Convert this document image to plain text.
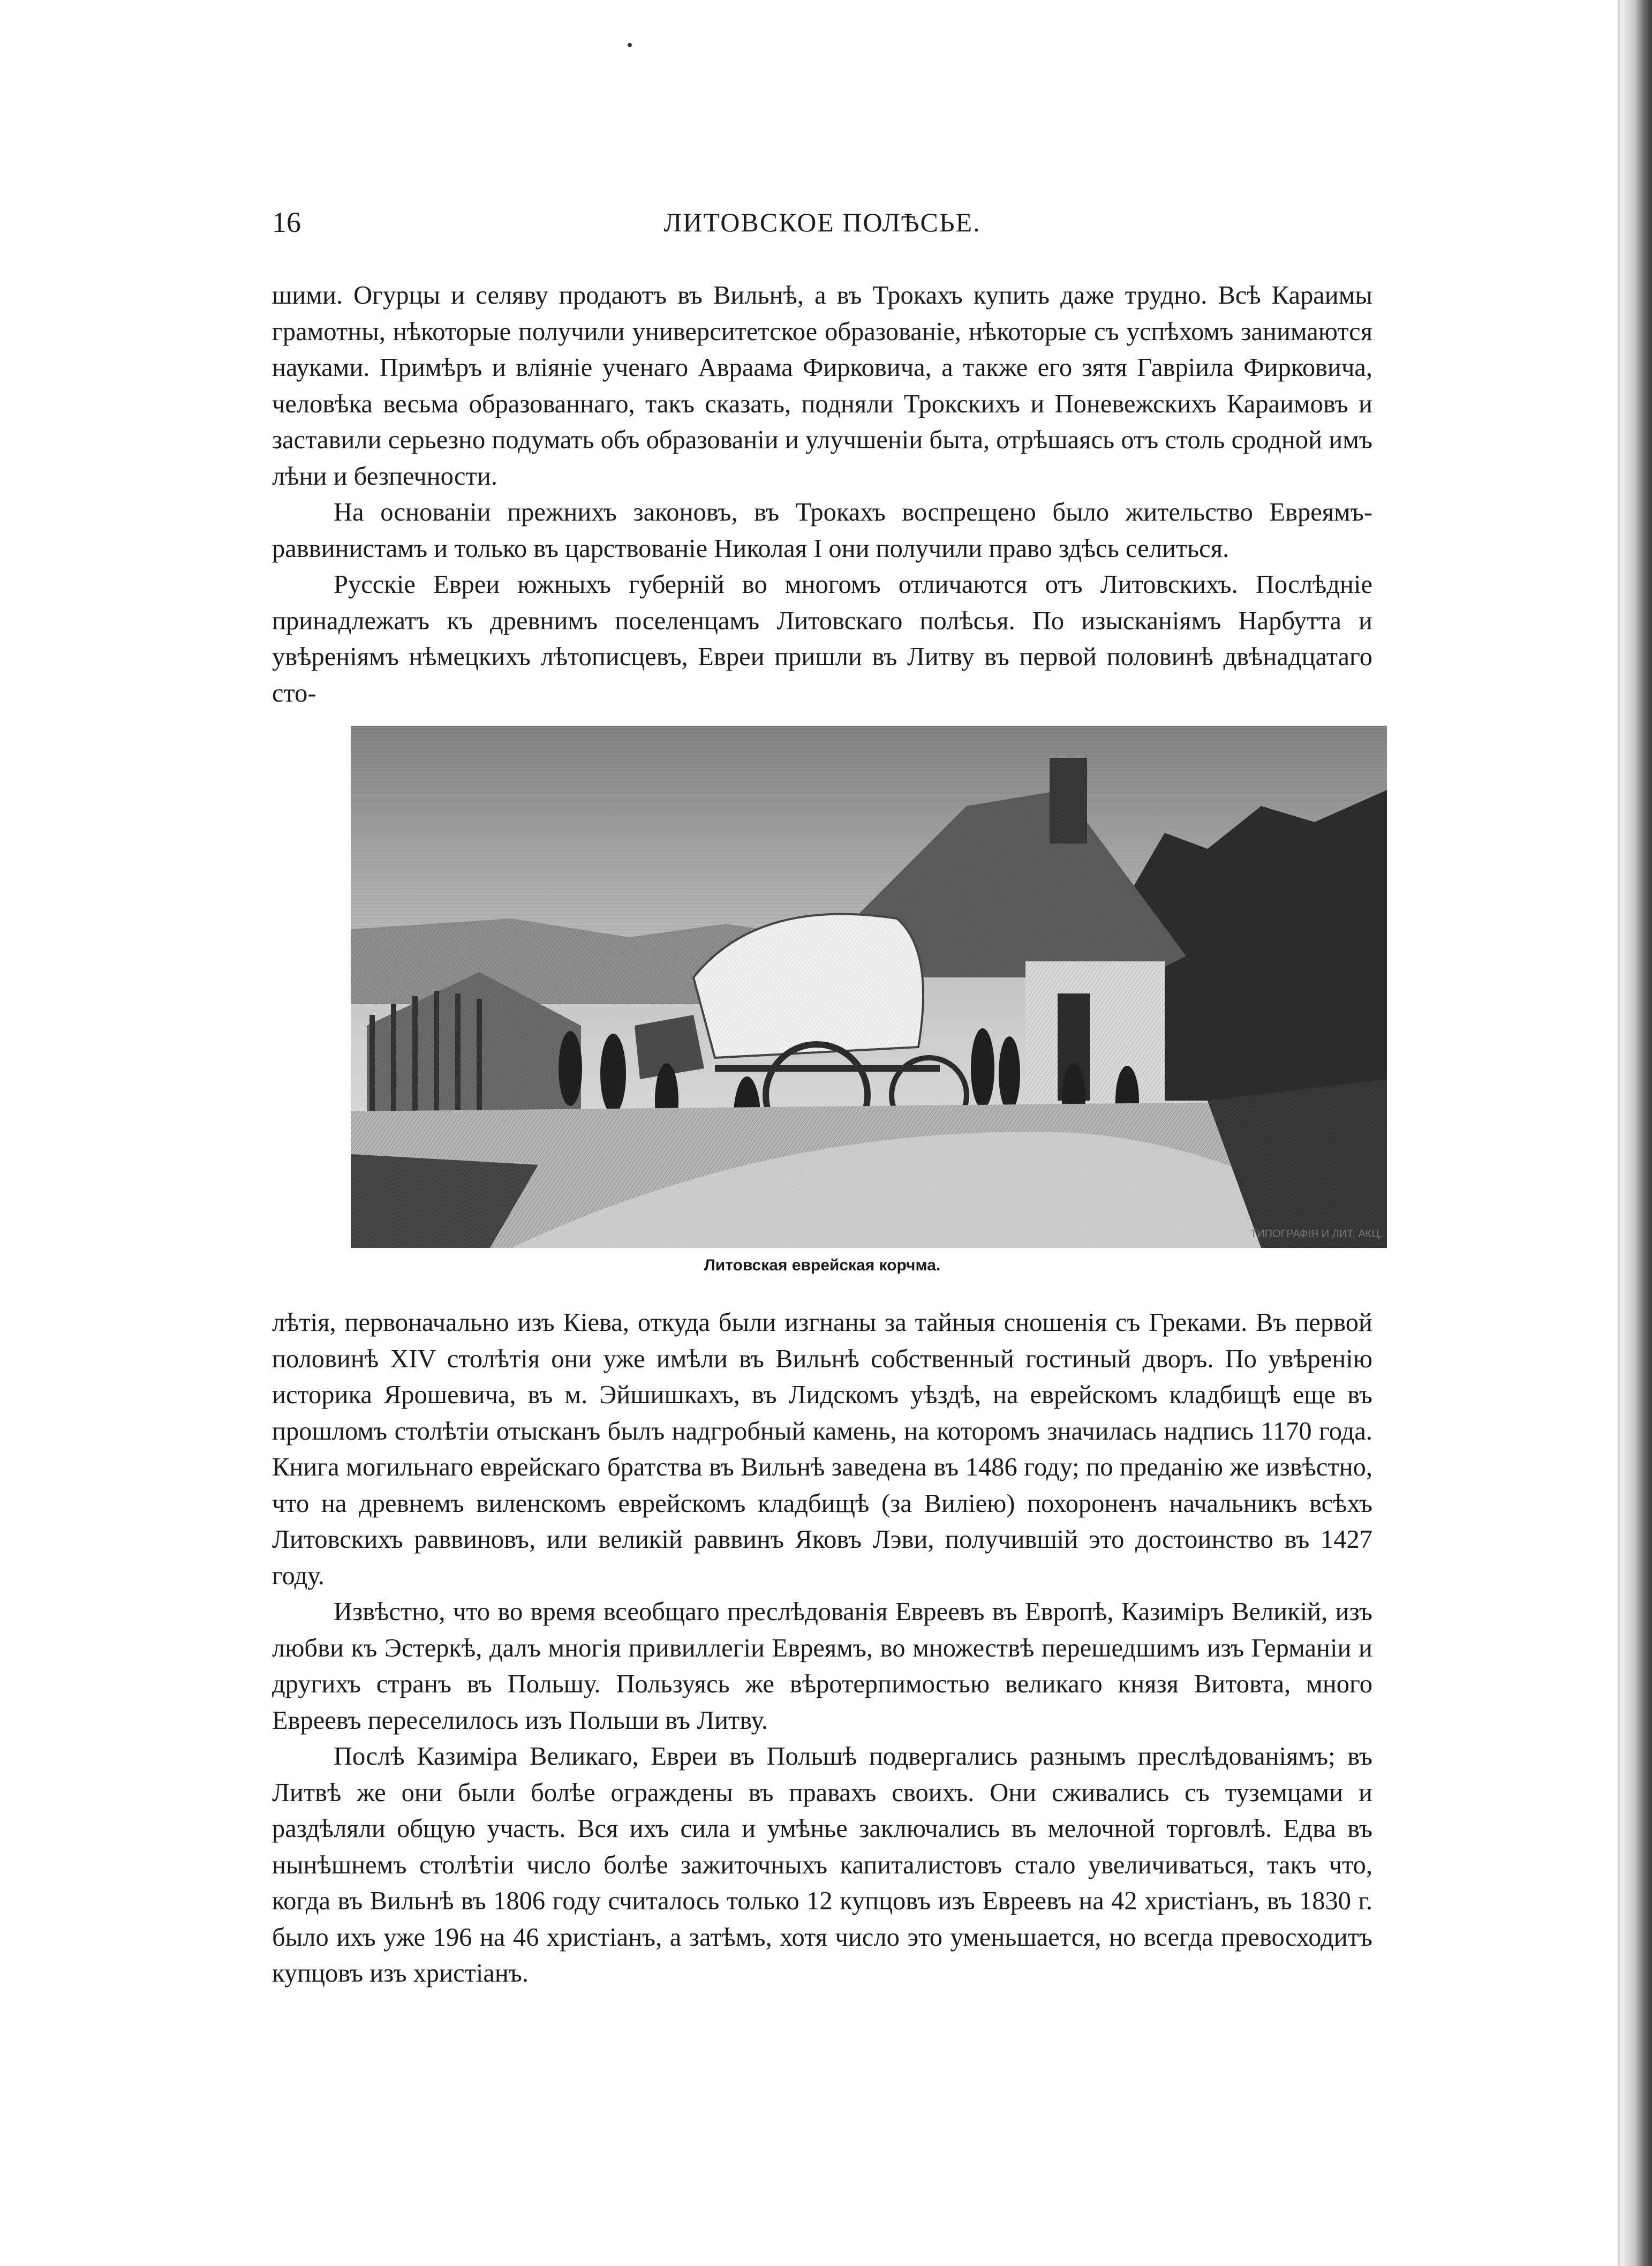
16	ЛИТОВСКОЕ ПОЛѢСЬЕ.

шими. Огурцы и селяву продаютъ въ Вильнѣ, а въ Трокахъ купить даже трудно. Всѣ Караимы грамотны, нѣкоторые получили университетское образованіе, нѣкоторые съ успѣхомъ занимаются науками. Примѣръ и вліяніе ученаго Авраама Фирковича, а также его зятя Гавріила Фирковича, человѣка весьма образованнаго, такъ сказать, подняли Трокскихъ и Поневежскихъ Караимовъ и заставили серьезно подумать объ образованіи и улучшеніи быта, отрѣшаясь отъ столь сродной имъ лѣни и безпечности.

На основаніи прежнихъ законовъ, въ Трокахъ воспрещено было жительство Евреямъ-раввинистамъ и только въ царствованіе Николая I они получили право здѣсь селиться.

Русскіе Евреи южныхъ губерній во многомъ отличаются отъ Литовскихъ. Послѣдніе принадлежатъ къ древнимъ поселенцамъ Литовскаго полѣсья. По изысканіямъ Нарбутта и увѣреніямъ нѣмецкихъ лѣтописцевъ, Евреи пришли въ Литву въ первой половинѣ двѣнадцатаго сто-

ТИПОГРАФІЯ И ЛИТ. АКЦ.
Литовская еврейская корчма.

лѣтія, первоначально изъ Кіева, откуда были изгнаны за тайныя сношенія съ Греками. Въ первой половинѣ XIV столѣтія они уже имѣли въ Вильнѣ собственный гостиный дворъ. По увѣренію историка Ярошевича, въ м. Эйшишкахъ, въ Лидскомъ уѣздѣ, на еврейскомъ кладбищѣ еще въ прошломъ столѣтіи отысканъ былъ надгробный камень, на которомъ значилась надпись 1170 года. Книга могильнаго еврейскаго братства въ Вильнѣ заведена въ 1486 году; по преданію же извѣстно, что на древнемъ виленскомъ еврейскомъ кладбищѣ (за Виліею) похороненъ начальникъ всѣхъ Литовскихъ раввиновъ, или великій раввинъ Яковъ Лэви, получившій это достоинство въ 1427 году.

Извѣстно, что во время всеобщаго преслѣдованія Евреевъ въ Европѣ, Казиміръ Великій, изъ любви къ Эстеркѣ, далъ многія привиллегіи Евреямъ, во множествѣ перешедшимъ изъ Германіи и другихъ странъ въ Польшу. Пользуясь же вѣротерпимостью великаго князя Витовта, много Евреевъ переселилось изъ Польши въ Литву.

Послѣ Казиміра Великаго, Евреи въ Польшѣ подвергались разнымъ преслѣдованіямъ; въ Литвѣ же они были болѣе ограждены въ правахъ своихъ. Они сживались съ туземцами и раздѣляли общую участь. Вся ихъ сила и умѣнье заключались въ мелочной торговлѣ. Едва въ нынѣшнемъ столѣтіи число болѣе зажиточныхъ капиталистовъ стало увеличиваться, такъ что, когда въ Вильнѣ въ 1806 году считалось только 12 купцовъ изъ Евреевъ на 42 христіанъ, въ 1830 г. было ихъ уже 196 на 46 христіанъ, а затѣмъ, хотя число это уменьшается, но всегда превосходитъ купцовъ изъ христіанъ.
